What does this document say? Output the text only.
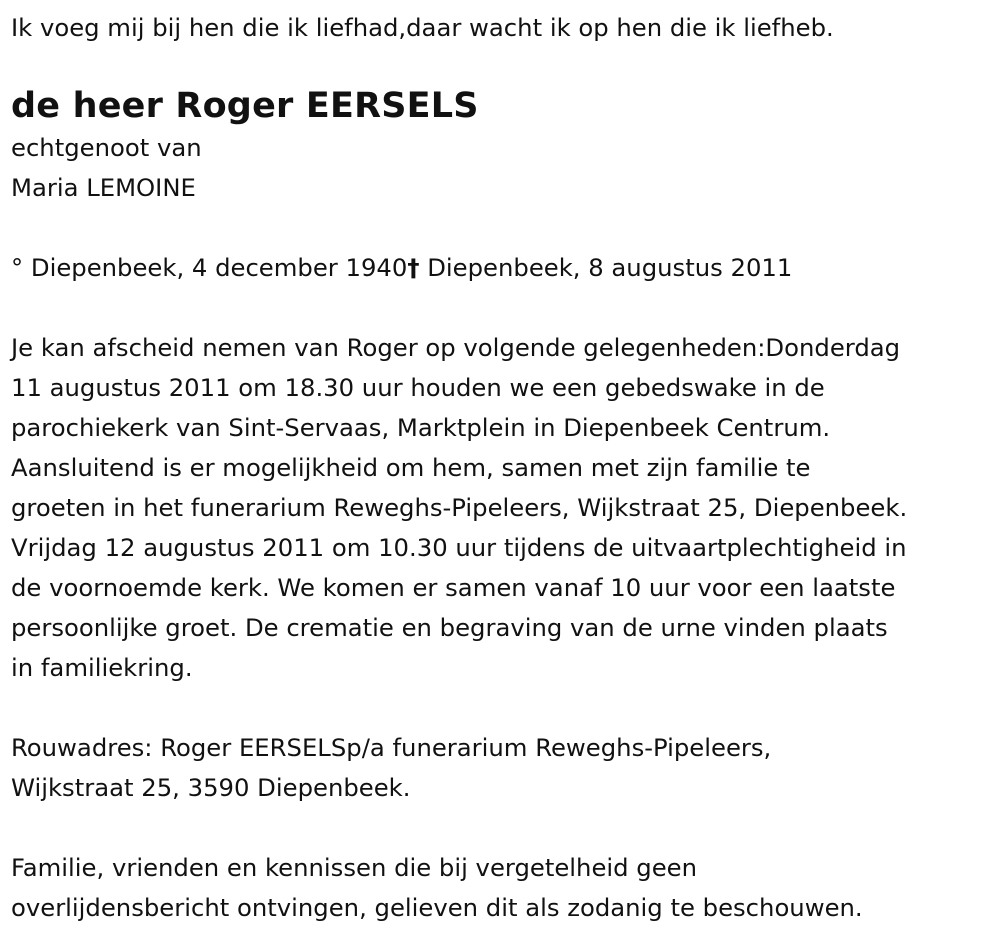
Ik voeg mij bij hen die ik liefhad,daar wacht ik op hen die ik liefheb.

de heer Roger EERSELS

echtgenoot van

Maria LEMOINE

° Diepenbeek, 4 december 1940† Diepenbeek, 8 augustus 2011

Je kan afscheid nemen van Roger op volgende gelegenheden:Donderdag

11 augustus 2011 om 18.30 uur houden we een gebedswake in de

parochiekerk van Sint-Servaas, Marktplein in Diepenbeek Centrum.

Aansluitend is er mogelijkheid om hem, samen met zijn familie te

groeten in het funerarium Reweghs-Pipeleers, Wijkstraat 25, Diepenbeek.

Vrijdag 12 augustus 2011 om 10.30 uur tijdens de uitvaartplechtigheid in

de voornoemde kerk. We komen er samen vanaf 10 uur voor een laatste

persoonlijke groet. De crematie en begraving van de urne vinden plaats

in familiekring.

Rouwadres: Roger EERSELSp/a funerarium Reweghs-Pipeleers,

Wijkstraat 25, 3590 Diepenbeek.

Familie, vrienden en kennissen die bij vergetelheid geen

overlijdensbericht ontvingen, gelieven dit als zodanig te beschouwen.
